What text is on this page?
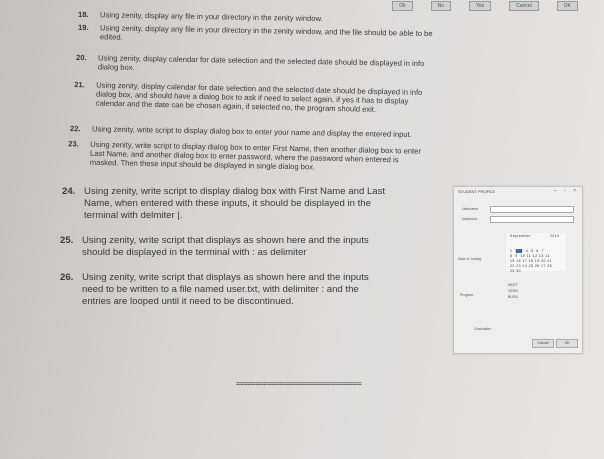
Ok	No	Yes	Cancel	OK
18.	Using zenity, display any file in your directory in the zenity window.
19.	Using zenity, display any file in your directory in the zenity window, and the file should be able to be
edited.
20.	Using zenity, display calendar for date selection and the selected date should be displayed in info
dialog box.
21.	Using zenity, display calendar for date selection and the selected date should be displayed in info
dialog box, and should have a dialog box to ask if need to select again, if yes it has to display
calendar and the date can be chosen again, if selected no, the program should exit.
22.	Using zenity, write script to display dialog box to enter your name and display the entered input.
23.	Using zenity, write script to display dialog box to enter First Name, then another dialog box to enter
Last Name, and another dialog box to enter password, where the password when entered is
masked. Then these input should be displayed in single dialog box.
24. Using zenity, write script to display dialog box with First Name and Last
Name, when entered with these inputs, it should be displayed in the
terminal with delmiter |.
25. Using zenity, write script that displays as shown here and the inputs
should be displayed in the terminal with : as delimiter
26. Using zenity, write script that displays as shown here and the inputs
need to be written to a file named user.txt, with delimiter : and the
entries are looped until it need to be discontinued.
================================
STUDENT PROFILE	– ▫ ×
Username
password
Date of Joining
September	2019
1  2  3  4  5  6  7
8  9  10 11 12 13 14
15 16 17 18 19 20 21
22 23 24 25 26 27 28
29 30
NEST
CENG
Program	BUSN
Graduation
Cancel	OK
